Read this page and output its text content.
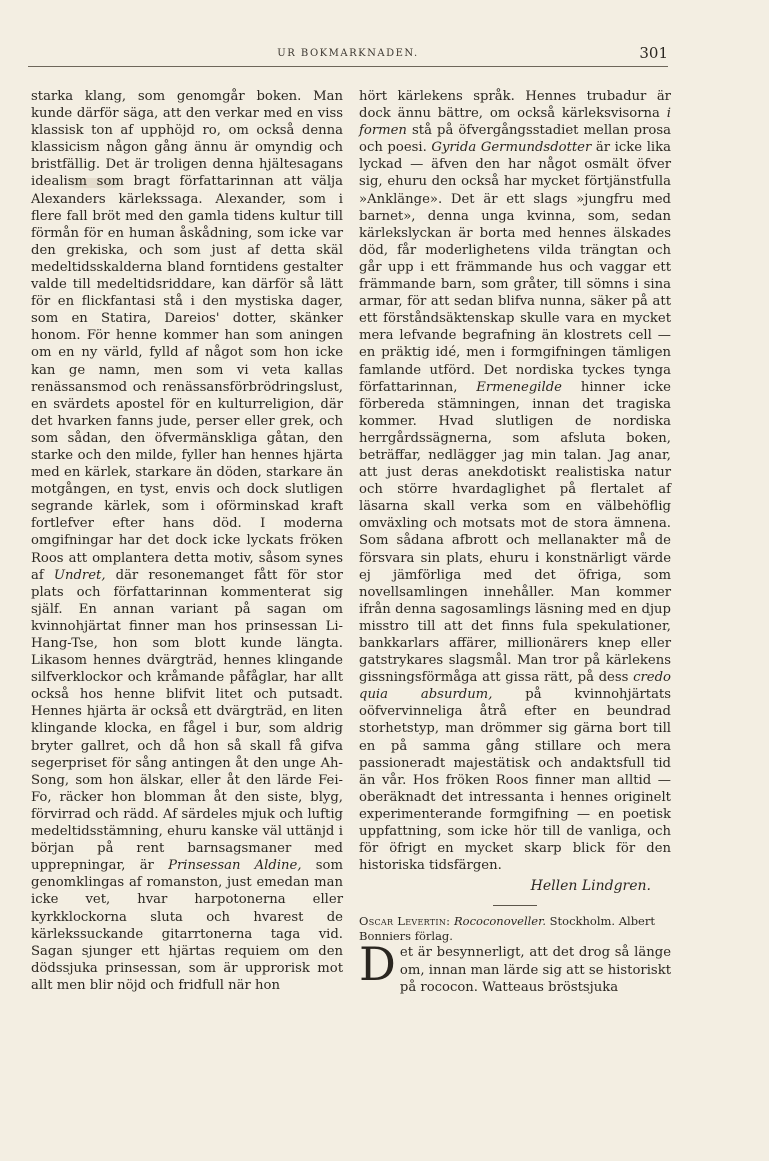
UR BOKMARKNADEN.	301

starka klang, som genomgår boken. Man kunde därför säga, att den verkar med en viss klassisk ton af upphöjd ro, om också denna klassicism någon gång ännu är omyndig och bristfällig. Det är troligen denna hjältesagans idealism som bragt författarinnan att välja Alexanders kärlekssaga. Alexander, som i flere fall bröt med den gamla tidens kultur till förmån för en human åskådning, som icke var den grekiska, och som just af detta skäl medeltidsskalderna bland forntidens gestalter valde till medeltidsriddare, kan därför så lätt för en flickfantasi stå i den mystiska dager, som en Statira, Dareios' dotter, skänker honom. För henne kommer han som aningen om en ny värld, fylld af något som hon icke kan ge namn, men som vi veta kallas renässansmod och renässansförbrödringslust, en svärdets apostel för en kulturreligion, där det hvarken fanns jude, perser eller grek, och som sådan, den öfvermänskliga gåtan, den starke och den milde, fyller han hennes hjärta med en kärlek, starkare än döden, starkare än motgången, en tyst, envis och dock slutligen segrande kärlek, som i oförminskad kraft fortlefver efter hans död. I moderna omgifningar har det dock icke lyckats fröken Roos att omplantera detta motiv, såsom synes af Undret, där resonemanget fått för stor plats och författarinnan kommenterat sig själf. En annan variant på sagan om kvinnohjärtat finner man hos prinsessan Li-Hang-Tse, hon som blott kunde längta. Likasom hennes dvärgträd, hennes klingande silfverklockor och kråmande påfåglar, har allt också hos henne blifvit litet och putsadt. Hennes hjärta är också ett dvärgträd, en liten klingande klocka, en fågel i bur, som aldrig bryter gallret, och då hon så skall få gifva segerpriset för sång antingen åt den unge Ah-Song, som hon älskar, eller åt den lärde Fei-Fo, räcker hon blomman åt den siste, blyg, förvirrad och rädd. Af särdeles mjuk och luftig medeltidsstämning, ehuru kanske väl uttänjd i början på rent barnsagsmaner med upprepningar, är Prinsessan Aldine, som genomklingas af romanston, just emedan man icke vet, hvar harpotonerna eller kyrkklockorna sluta och hvarest de kärlekssuckande gitarrtonerna taga vid. Sagan sjunger ett hjärtas requiem om den dödssjuka prinsessan, som är upprorisk mot allt men blir nöjd och fridfull när hon

hört kärlekens språk. Hennes trubadur är dock ännu bättre, om också kärleksvisorna i formen stå på öfvergångsstadiet mellan prosa och poesi. Gyrida Germundsdotter är icke lika lyckad — äfven den har något osmält öfver sig, ehuru den också har mycket förtjänstfulla »Anklänge». Det är ett slags »jungfru med barnet», denna unga kvinna, som, sedan kärlekslyckan är borta med hennes älskades död, får moderlighetens vilda trängtan och går upp i ett främmande hus och vaggar ett främmande barn, som gråter, till sömns i sina armar, för att sedan blifva nunna, säker på att ett förståndsäktenskap skulle vara en mycket mera lefvande begrafning än klostrets cell — en präktig idé, men i formgifningen tämligen famlande utförd. Det nordiska tyckes tynga författarinnan, Ermenegilde hinner icke förbereda stämningen, innan det tragiska kommer. Hvad slutligen de nordiska herrgårdssägnerna, som afsluta boken, beträffar, nedlägger jag min talan. Jag anar, att just deras anekdotiskt realistiska natur och större hvardaglighet på flertalet af läsarna skall verka som en välbehöflig omväxling och motsats mot de stora ämnena. Som sådana afbrott och mellanakter må de försvara sin plats, ehuru i konstnärligt värde ej jämförliga med det öfriga, som novellsamlingen innehåller. Man kommer ifrån denna sagosamlings läsning med en djup misstro till att det finns fula spekulationer, bankkarlars affärer, millionärers knep eller gatstrykares slagsmål. Man tror på kärlekens gissningsförmåga att gissa rätt, på dess credo quia absurdum, på kvinnohjärtats oöfvervinneliga åtrå efter en beundrad storhetstyp, man drömmer sig gärna bort till en på samma gång stillare och mera passioneradt majestätisk och andaktsfull tid än vår. Hos fröken Roos finner man alltid — oberäknadt det intressanta i hennes originelt experimenterande formgifning — en poetisk uppfattning, som icke hör till de vanliga, och för öfrigt en mycket skarp blick för den historiska tidsfärgen.

Hellen Lindgren.

Oscar Levertin: Rococonoveller. Stockholm. Albert Bonniers förlag.

Det är besynnerligt, att det drog så länge om, innan man lärde sig att se historiskt på rococon. Watteaus bröstsjuka
